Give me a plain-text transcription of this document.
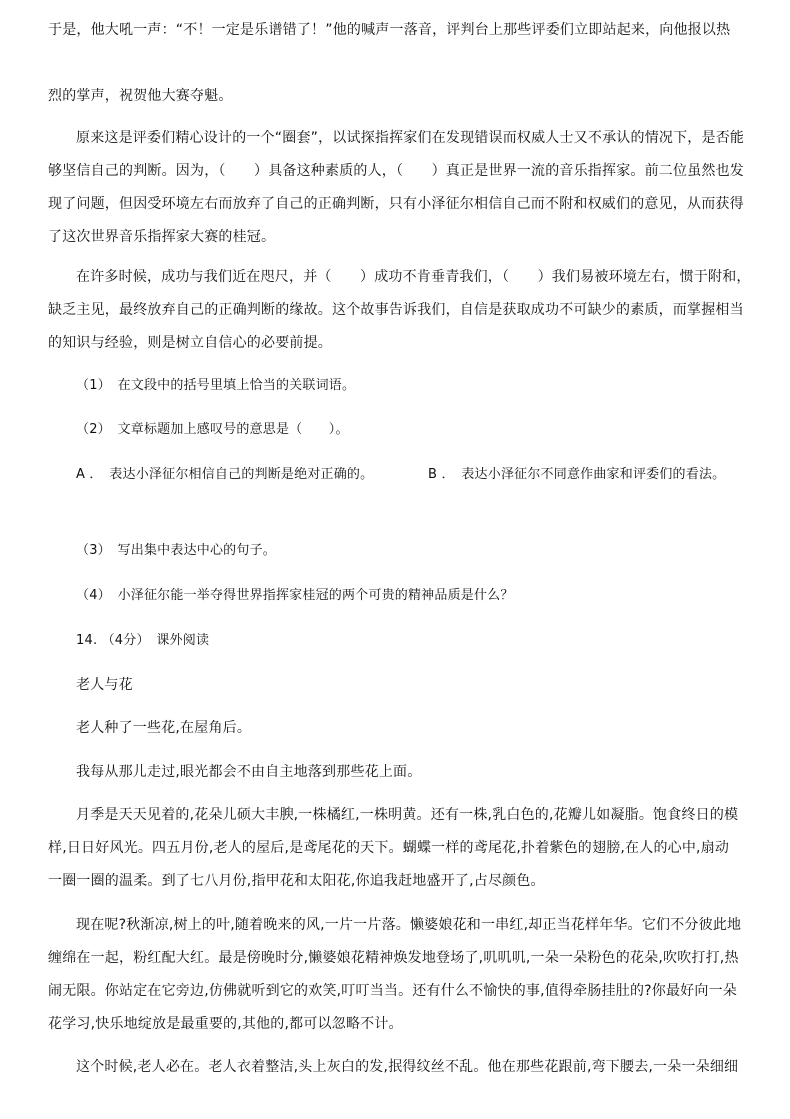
于是，他大吼一声：“不！一定是乐谱错了！”他的喊声一落音，评判台上那些评委们立即站起来，向他报以热
烈的掌声，祝贺他大赛夺魁。
原来这是评委们精心设计的一个“圈套”，以试探指挥家们在发现错误而权威人士又不承认的情况下，是否能
够坚信自己的判断。因为，（　　）具备这种素质的人，（　　）真正是世界一流的音乐指挥家。前二位虽然也发
现了问题，但因受环境左右而放弃了自己的正确判断，只有小泽征尔相信自己而不附和权威们的意见，从而获得
了这次世界音乐指挥家大赛的桂冠。
在许多时候，成功与我们近在咫尺，并（　　）成功不肯垂青我们，（　　）我们易被环境左右，惯于附和，
缺乏主见，最终放弃自己的正确判断的缘故。这个故事告诉我们，自信是获取成功不可缺少的素质，而掌握相当
的知识与经验，则是树立自信心的必要前提。
（1）　在文段中的括号里填上恰当的关联词语。
（2）　文章标题加上感叹号的意思是（　　）。
A ．　表达小泽征尔相信自己的判断是绝对正确的。	B ．　表达小泽征尔不同意作曲家和评委们的看法。
（3）　写出集中表达中心的句子。
（4）　小泽征尔能一举夺得世界指挥家桂冠的两个可贵的精神品质是什么？
14. （4分）　课外阅读
老人与花
老人种了一些花,在屋角后。
我每从那儿走过,眼光都会不由自主地落到那些花上面。
月季是天天见着的,花朵儿硕大丰腴,一株橘红,一株明黄。还有一株,乳白色的,花瓣儿如凝脂。饱食终日的模
样,日日好风光。四五月份,老人的屋后,是鸢尾花的天下。蝴蝶一样的鸢尾花,扑着紫色的翅膀,在人的心中,扇动
一圈一圈的温柔。到了七八月份,指甲花和太阳花,你追我赶地盛开了,占尽颜色。
现在呢?秋渐凉,树上的叶,随着晚来的风,一片一片落。懒婆娘花和一串红,却正当花样年华。它们不分彼此地
缠绵在一起，粉红配大红。最是傍晚时分,懒婆娘花精神焕发地登场了,叽叽叽,一朵一朵粉色的花朵,吹吹打打,热
闹无限。你站定在它旁边,仿佛就听到它的欢笑,叮叮当当。还有什么不愉快的事,值得牵肠挂肚的?你最好向一朵
花学习,快乐地绽放是最重要的,其他的,都可以忽略不计。
这个时候,老人必在。老人衣着整洁,头上灰白的发,抿得纹丝不乱。他在那些花跟前,弯下腰去,一朵一朵细细
